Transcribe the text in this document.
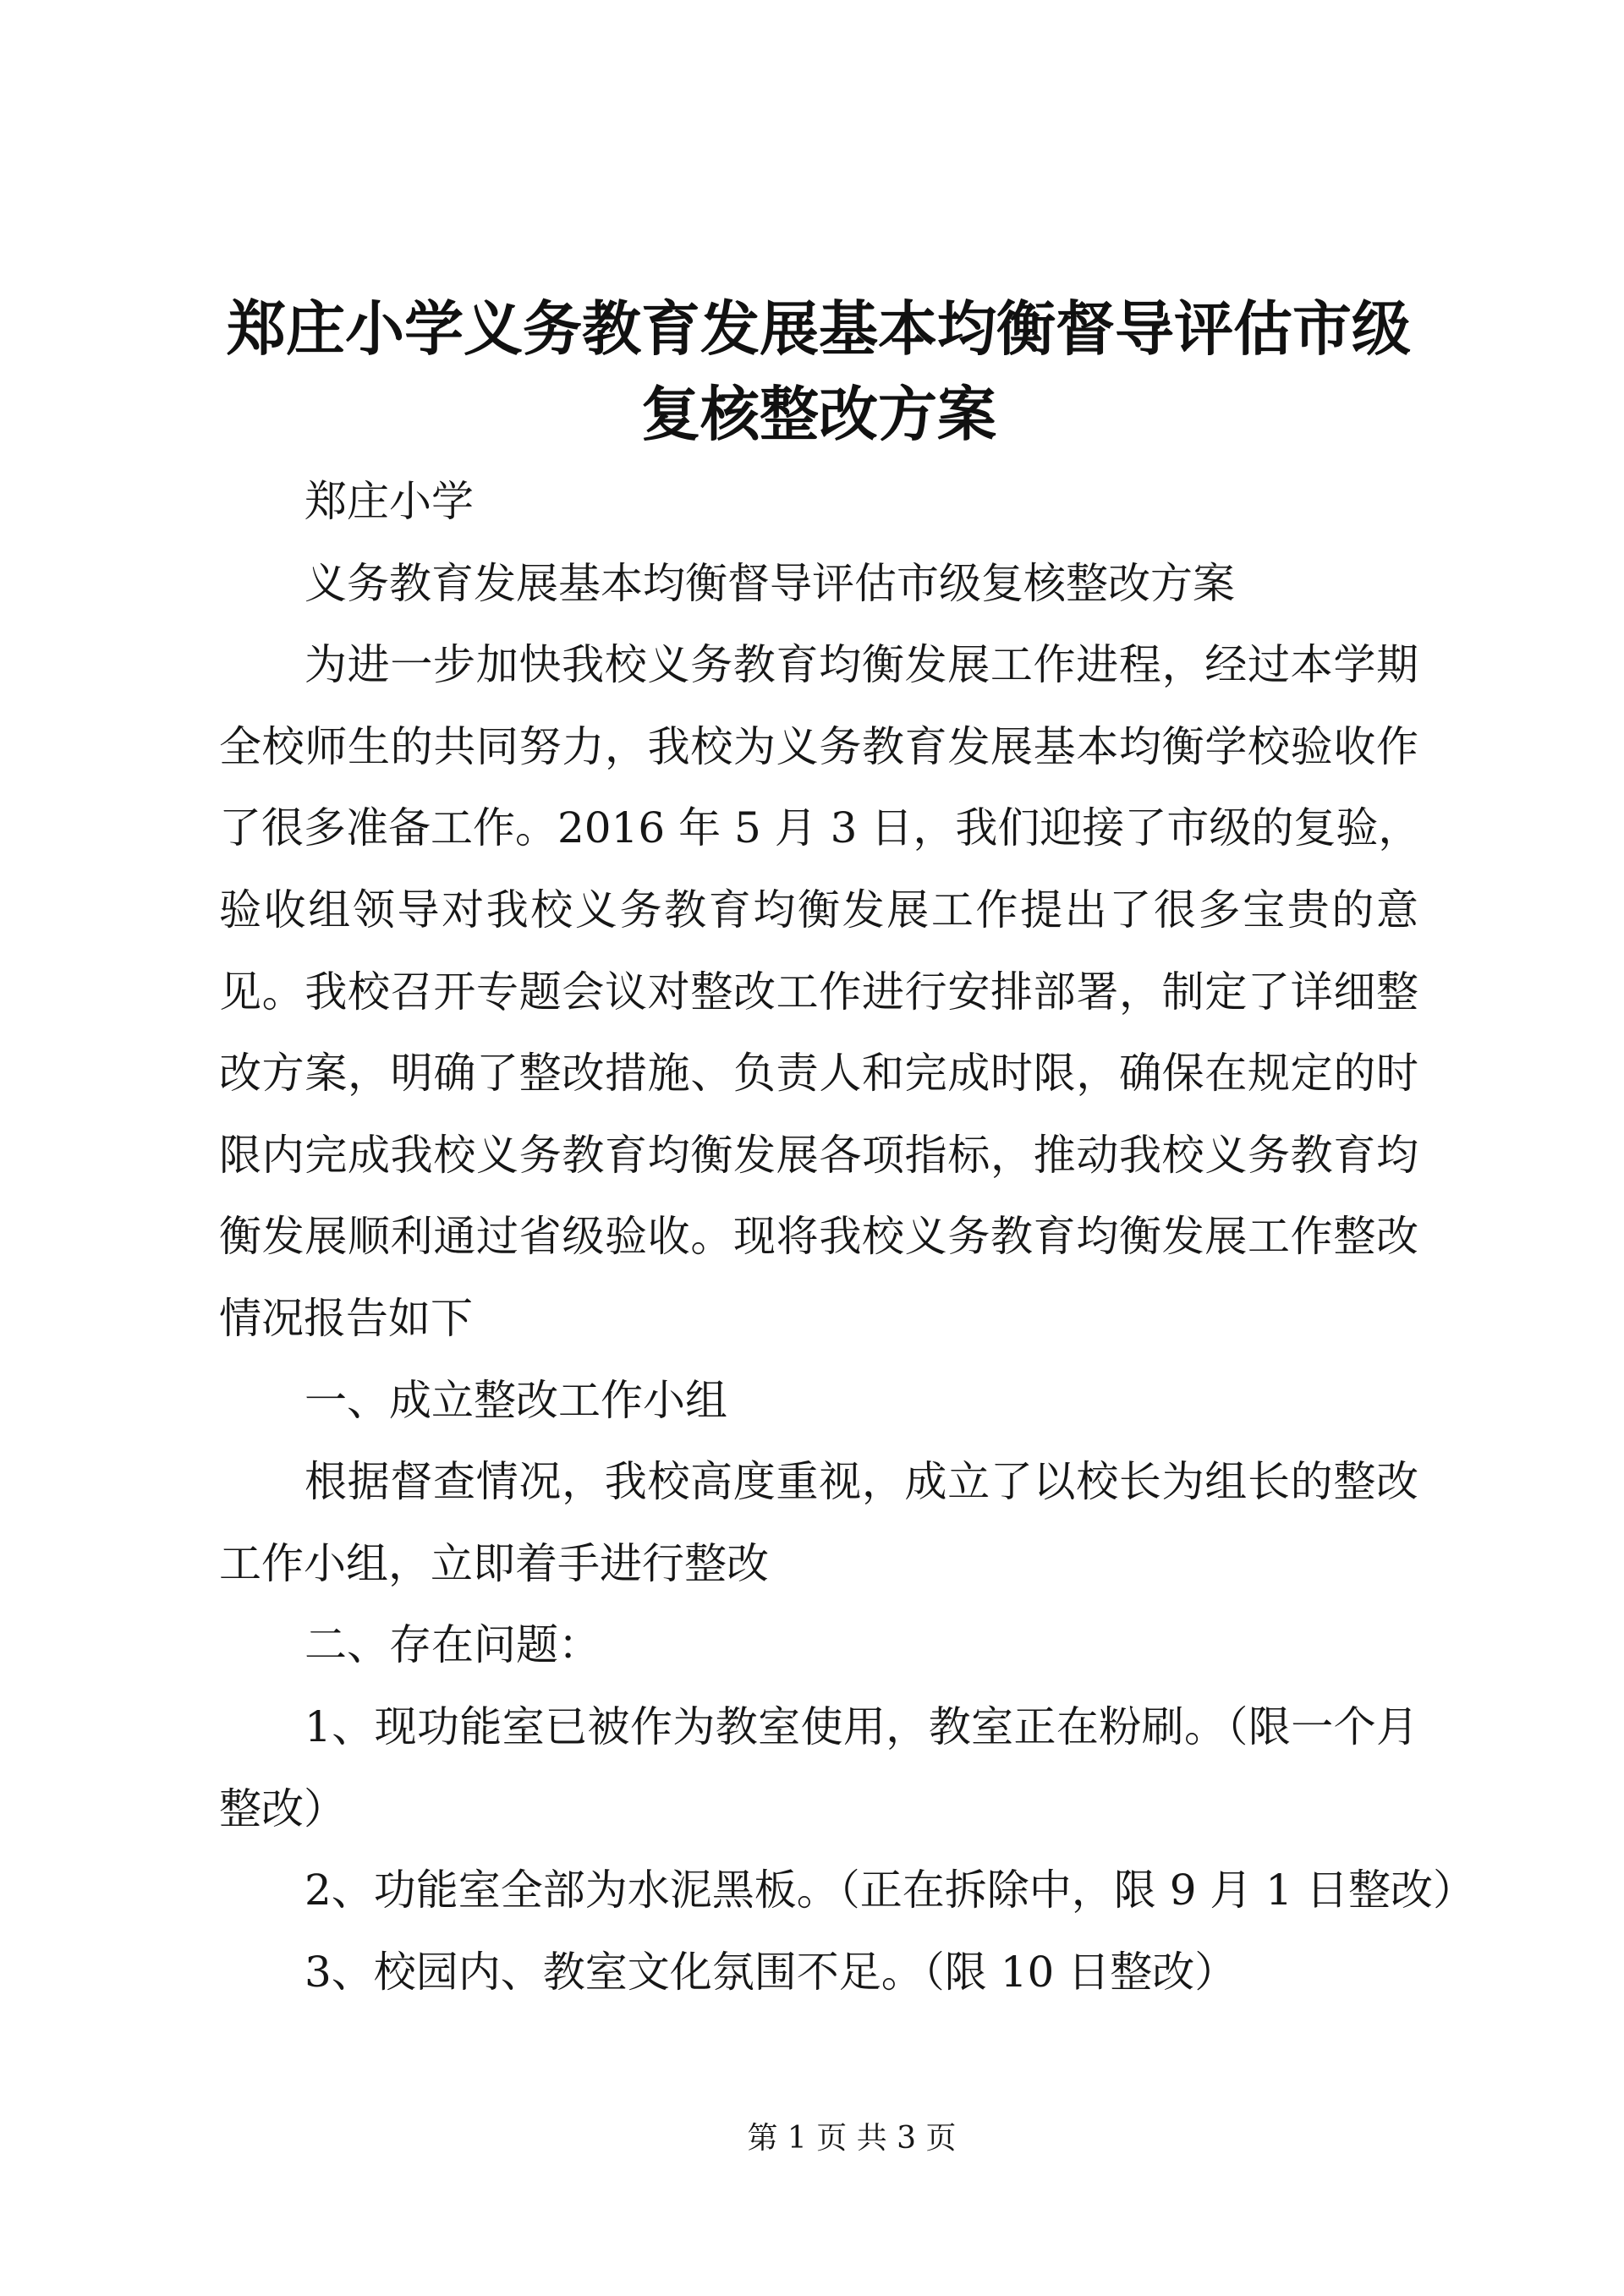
郑庄小学义务教育发展基本均衡督导评估市级
复核整改方案
郑庄小学
义务教育发展基本均衡督导评估市级复核整改方案
为进一步加快我校义务教育均衡发展工作进程，经过本学期
全校师生的共同努力，我校为义务教育发展基本均衡学校验收作
了很多准备工作。2016 年 5 月 3 日，我们迎接了市级的复验，
验收组领导对我校义务教育均衡发展工作提出了很多宝贵的意
见。我校召开专题会议对整改工作进行安排部署，制定了详细整
改方案，明确了整改措施、负责人和完成时限，确保在规定的时
限内完成我校义务教育均衡发展各项指标，推动我校义务教育均
衡发展顺利通过省级验收。现将我校义务教育均衡发展工作整改
情况报告如下
一、成立整改工作小组
根据督查情况，我校高度重视，成立了以校长为组长的整改
工作小组，立即着手进行整改
二、存在问题：
1、现功能室已被作为教室使用，教室正在粉刷。（限一个月
整改）
2、功能室全部为水泥黑板。（正在拆除中，限 9 月 1 日整改）
3、校园内、教室文化氛围不足。（限 10 日整改）
第 1 页 共 3 页
